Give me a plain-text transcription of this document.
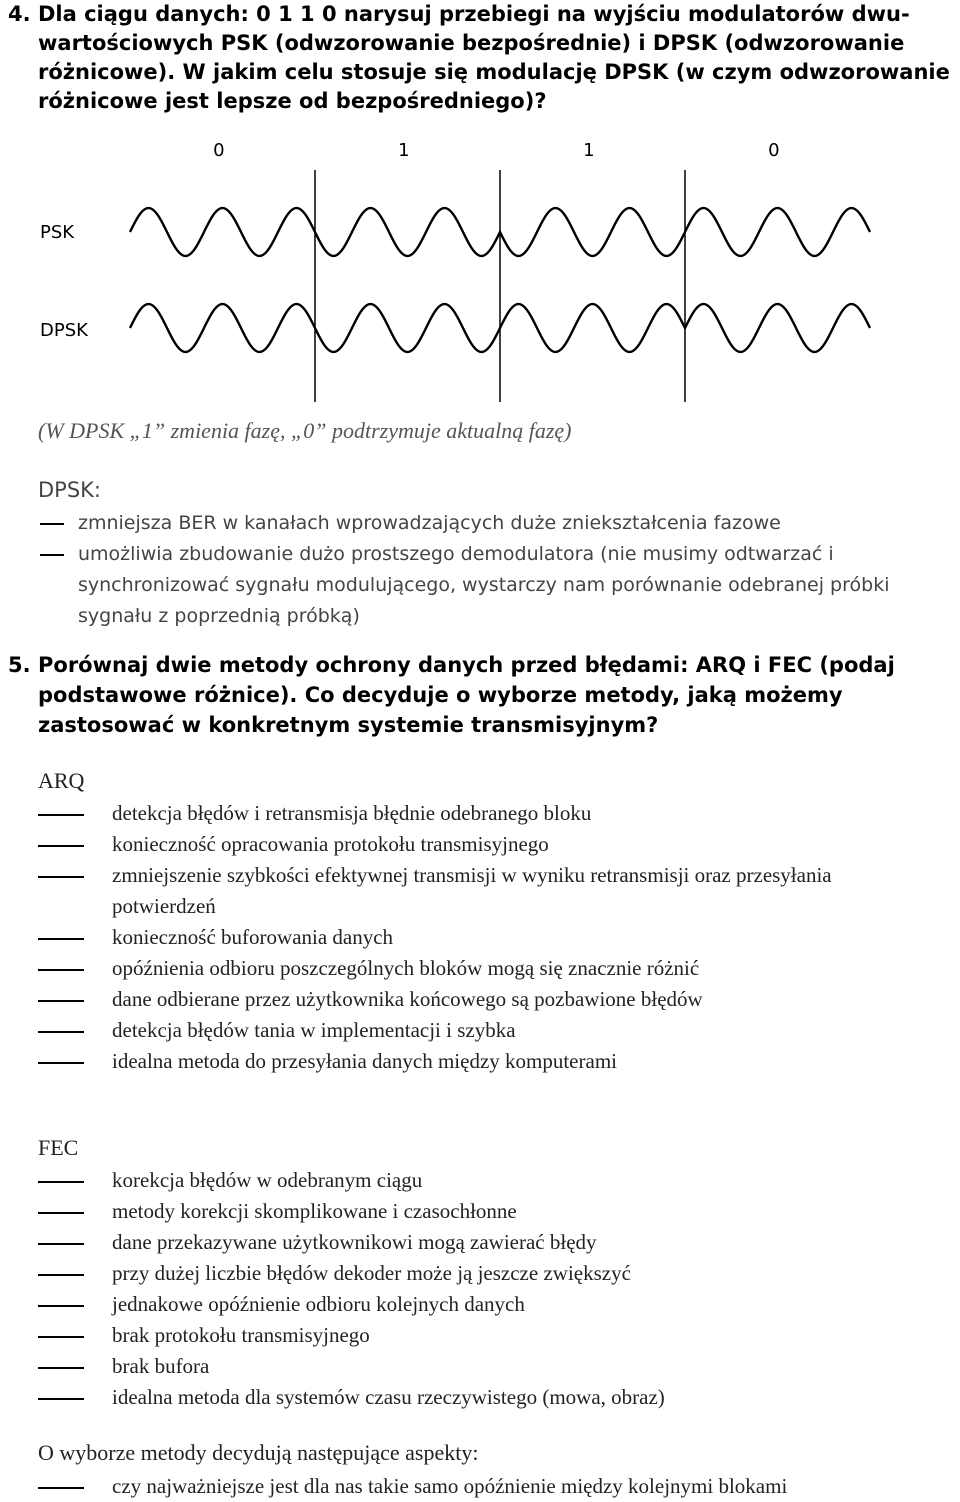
4. Dla ciągu danych: 0 1 1 0 narysuj przebiegi na wyjściu modulatorów dwu-wartościowych PSK (odwzorowanie bezpośrednie) i DPSK (odwzorowanie różnicowe). W jakim celu stosuje się modulację DPSK (w czym odwzorowanie różnicowe jest lepsze od bezpośredniego)?
0	1	1	0
PSK
DPSK
(W DPSK „1” zmienia fazę, „0” podtrzymuje aktualną fazę)
DPSK:
zmniejsza BER w kanałach wprowadzających duże zniekształcenia fazowe
umożliwia zbudowanie dużo prostszego demodulatora (nie musimy odtwarzać i synchronizować sygnału modulującego, wystarczy nam porównanie odebranej próbki sygnału z poprzednią próbką)
5. Porównaj dwie metody ochrony danych przed błędami: ARQ i FEC (podaj podstawowe różnice). Co decyduje o wyborze metody, jaką możemy zastosować w konkretnym systemie transmisyjnym?
ARQ
detekcja błędów i retransmisja błędnie odebranego bloku
konieczność opracowania protokołu transmisyjnego
zmniejszenie szybkości efektywnej transmisji w wyniku retransmisji oraz przesyłania potwierdzeń
konieczność buforowania danych
opóźnienia odbioru poszczególnych bloków mogą się znacznie różnić
dane odbierane przez użytkownika końcowego są pozbawione błędów
detekcja błędów tania w implementacji i szybka
idealna metoda do przesyłania danych między komputerami
FEC
korekcja błędów w odebranym ciągu
metody korekcji skomplikowane i czasochłonne
dane przekazywane użytkownikowi mogą zawierać błędy
przy dużej liczbie błędów dekoder może ją jeszcze zwiększyć
jednakowe opóźnienie odbioru kolejnych danych
brak protokołu transmisyjnego
brak bufora
idealna metoda dla systemów czasu rzeczywistego (mowa, obraz)
O wyborze metody decydują następujące aspekty:
czy najważniejsze jest dla nas takie samo opóźnienie między kolejnymi blokami
